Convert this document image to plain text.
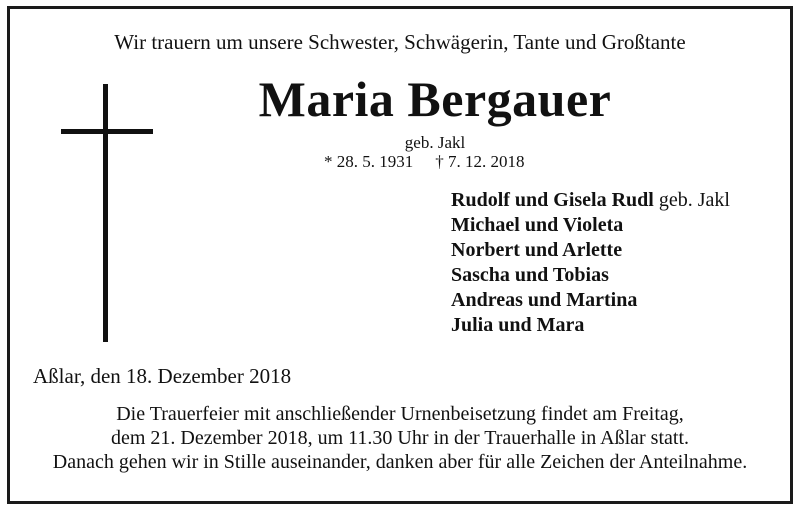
Wir trauern um unsere Schwester, Schwägerin, Tante und Großtante
Maria Bergauer
geb. Jakl
* 28. 5. 1931 † 7. 12. 2018
Rudolf und Gisela Rudl geb. Jakl
Michael und Violeta
Norbert und Arlette
Sascha und Tobias
Andreas und Martina
Julia und Mara
Aßlar, den 18. Dezember 2018
Die Trauerfeier mit anschließender Urnenbeisetzung findet am Freitag,
dem 21. Dezember 2018, um 11.30 Uhr in der Trauerhalle in Aßlar statt.
Danach gehen wir in Stille auseinander, danken aber für alle Zeichen der Anteilnahme.
